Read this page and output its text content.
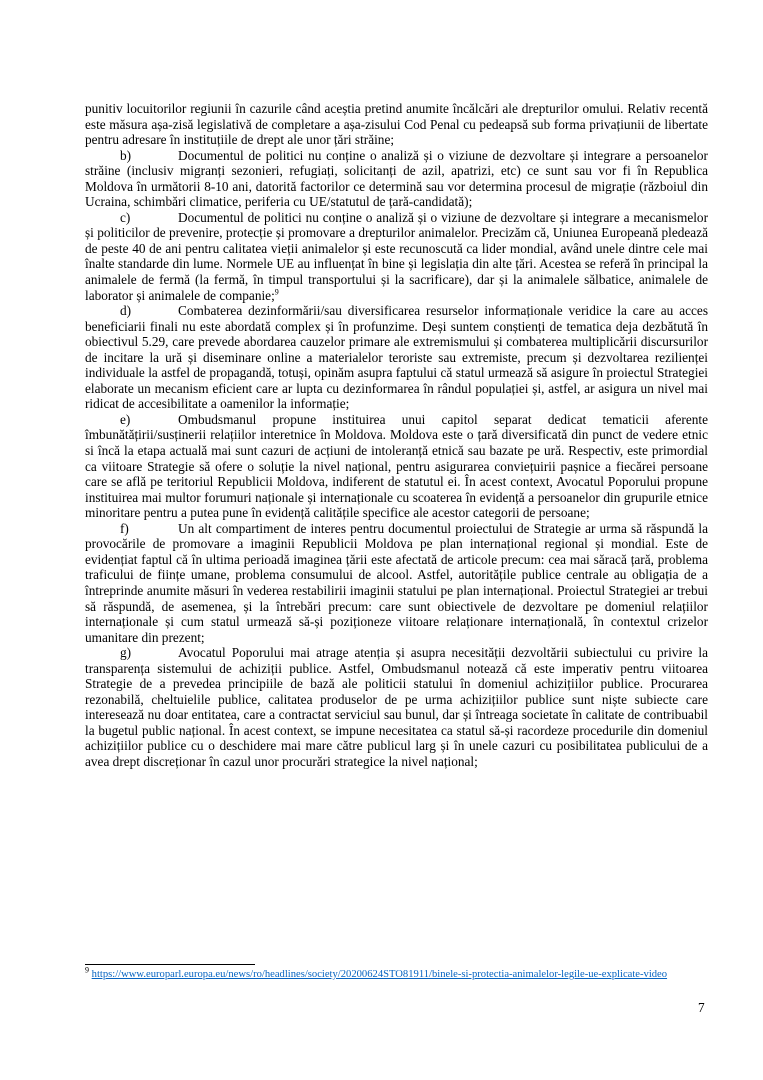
punitiv locuitorilor regiunii în cazurile când aceștia pretind anumite încălcări ale drepturilor omului. Relativ recentă este măsura așa-zisă legislativă de completare a așa-zisului Cod Penal cu pedeapsă sub forma privațiunii de libertate pentru adresare în instituțiile de drept ale unor țări străine;

b)	Documentul de politici nu conține o analiză și o viziune de dezvoltare și integrare a persoanelor străine (inclusiv migranți sezonieri, refugiați, solicitanți de azil, apatrizi, etc) ce sunt sau vor fi în Republica Moldova în următorii 8-10 ani, datorită factorilor ce determină sau vor determina procesul de migrație (războiul din Ucraina, schimbări climatice, periferia cu UE/statutul de țară-candidată);

c)	Documentul de politici nu conține o analiză și o viziune de dezvoltare și integrare a mecanismelor și politicilor de prevenire, protecție și promovare a drepturilor animalelor. Precizăm că, Uniunea Europeană pledează de peste 40 de ani pentru calitatea vieții animalelor și este recunoscută ca lider mondial, având unele dintre cele mai înalte standarde din lume. Normele UE au influențat în bine și legislația din alte țări. Acestea se referă în principal la animalele de fermă (la fermă, în timpul transportului și la sacrificare), dar și la animalele sălbatice, animalele de laborator și animalele de companie;$^9$

d)	Combaterea dezinformării/sau diversificarea resurselor informaționale veridice la care au acces beneficiarii finali nu este abordată complex și în profunzime. Deși suntem conștienți de tematica deja dezbătută în obiectivul 5.29, care prevede abordarea cauzelor primare ale extremismului și combaterea multiplicării discursurilor de incitare la ură și diseminare online a materialelor teroriste sau extremiste, precum și dezvoltarea rezilienței individuale la astfel de propagandă, totuși, opinăm asupra faptului că statul urmează să asigure în proiectul Strategiei elaborate un mecanism eficient care ar lupta cu dezinformarea în rândul populației și, astfel, ar asigura un nivel mai ridicat de accesibilitate a oamenilor la informație;

e)	Ombudsmanul propune instituirea unui capitol separat dedicat tematicii aferente îmbunătățirii/susținerii relațiilor interetnice în Moldova. Moldova este o țară diversificată din punct de vedere etnic si încă la etapa actuală mai sunt cazuri de acțiuni de intoleranță etnică sau bazate pe ură. Respectiv, este primordial ca viitoare Strategie să ofere o soluție la nivel național, pentru asigurarea conviețuirii pașnice a fiecărei persoane care se află pe teritoriul Republicii Moldova, indiferent de statutul ei. În acest context, Avocatul Poporului propune instituirea mai multor forumuri naționale și internaționale cu scoaterea în evidență a persoanelor din grupurile etnice minoritare pentru a putea pune în evidență calitățile specifice ale acestor categorii de persoane;

f)	Un alt compartiment de interes pentru documentul proiectului de Strategie ar urma să răspundă la provocările de promovare a imaginii Republicii Moldova pe plan internațional regional și mondial. Este de evidențiat faptul că în ultima perioadă imaginea țării este afectată de articole precum: cea mai săracă țară, problema traficului de ființe umane, problema consumului de alcool. Astfel, autoritățile publice centrale au obligația de a întreprinde anumite măsuri în vederea restabilirii imaginii statului pe plan internațional. Proiectul Strategiei ar trebui să răspundă, de asemenea, și la întrebări precum: care sunt obiectivele de dezvoltare pe domeniul relațiilor internaționale și cum statul urmează să-și poziționeze viitoare relaționare internațională, în contextul crizelor umanitare din prezent;

g)	Avocatul Poporului mai atrage atenția și asupra necesității dezvoltării subiectului cu privire la transparența sistemului de achiziții publice. Astfel, Ombudsmanul notează că este imperativ pentru viitoarea Strategie de a prevedea principiile de bază ale politicii statului în domeniul achizițiilor publice. Procurarea rezonabilă, cheltuielile publice, calitatea produselor de pe urma achizițiilor publice sunt niște subiecte care interesează nu doar entitatea, care a contractat serviciul sau bunul, dar și întreaga societate în calitate de contribuabil la bugetul public național. În acest context, se impune necesitatea ca statul să-și racordeze procedurile din domeniul achizițiilor publice cu o deschidere mai mare către publicul larg și în unele cazuri cu posibilitatea publicului de a avea drept discreționar în cazul unor procurări strategice la nivel național;

$^9$ https://www.europarl.europa.eu/news/ro/headlines/society/20200624STO81911/binele-si-protectia-animalelor-legile-ue-explicate-video
7
